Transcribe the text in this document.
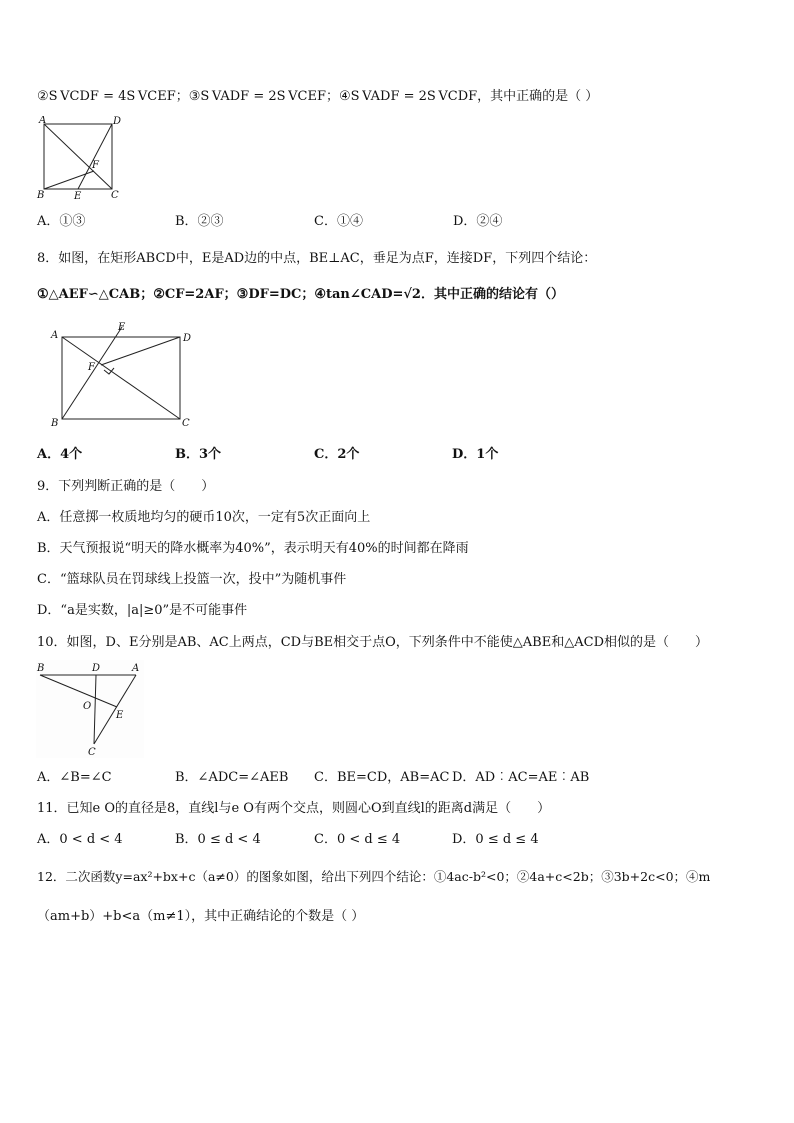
②S VCDF = 4S VCEF；③S VADF = 2S VCEF；④S VADF = 2S VCDF，其中正确的是（ ）
A	D
F
B	E	C
A．①③	B．②③	C．①④	D．②④
8．如图，在矩形ABCD中，E是AD边的中点，BE⊥AC，垂足为点F，连接DF，下列四个结论：
①△AEF∽△CAB；②CF=2AF；③DF=DC；④tan∠CAD=√2．其中正确的结论有（）
A
E
D
F
B	C
A．4个	B．3个	C．2个	D．1个
9．下列判断正确的是（　　）
A．任意掷一枚质地均匀的硬币10次，一定有5次正面向上
B．天气预报说“明天的降水概率为40%”，表示明天有40%的时间都在降雨
C．“篮球队员在罚球线上投篮一次，投中”为随机事件
D．“a是实数，|a|≥0”是不可能事件
10．如图，D、E分别是AB、AC上两点，CD与BE相交于点O，下列条件中不能使△ABE和△ACD相似的是（　　）
B	D	A
O
E
C
A．∠B=∠C	B．∠ADC=∠AEB C．BE=CD，AB=AC D．AD︰AC=AE︰AB
11．已知e O的直径是8，直线l与e O有两个交点，则圆心O到直线l的距离d满足（　　）
A．0 < d < 4	B．0 ≤ d < 4	C．0 < d ≤ 4	D．0 ≤ d ≤ 4
12．二次函数y=ax²+bx+c（a≠0）的图象如图，给出下列四个结论：①4ac-b²<0；②4a+c<2b；③3b+2c<0；④m
（am+b）+b<a（m≠1），其中正确结论的个数是（ ）
